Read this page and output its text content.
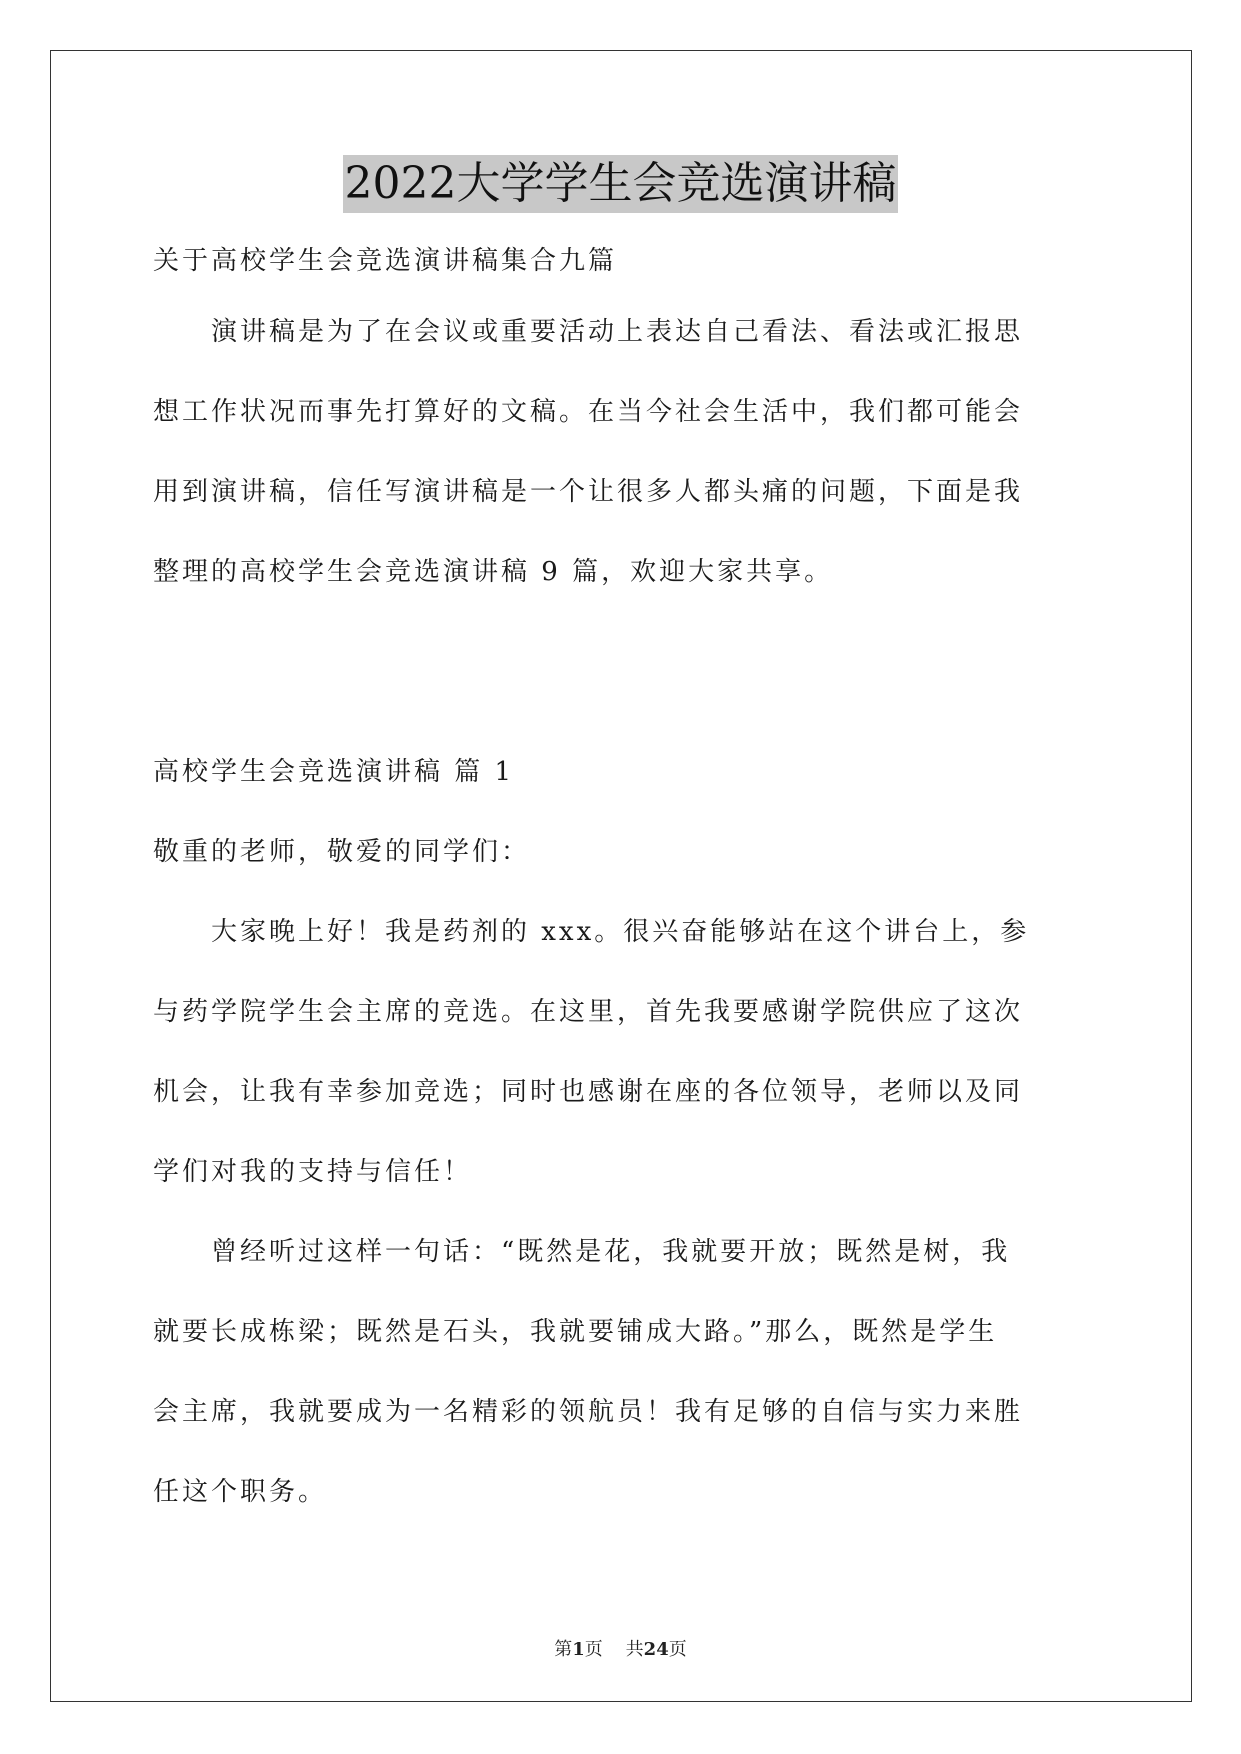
2022大学学生会竞选演讲稿
关于高校学生会竞选演讲稿集合九篇
　　演讲稿是为了在会议或重要活动上表达自己看法、看法或汇报思
想工作状况而事先打算好的文稿。在当今社会生活中，我们都可能会
用到演讲稿，信任写演讲稿是一个让很多人都头痛的问题，下面是我
整理的高校学生会竞选演讲稿 9 篇，欢迎大家共享。
高校学生会竞选演讲稿 篇 1
敬重的老师，敬爱的同学们：
　　大家晚上好！我是药剂的 xxx。很兴奋能够站在这个讲台上，参
与药学院学生会主席的竞选。在这里，首先我要感谢学院供应了这次
机会，让我有幸参加竞选；同时也感谢在座的各位领导，老师以及同
学们对我的支持与信任！
　　曾经听过这样一句话：“既然是花，我就要开放；既然是树，我
就要长成栋梁；既然是石头，我就要铺成大路。”那么，既然是学生
会主席，我就要成为一名精彩的领航员！我有足够的自信与实力来胜
任这个职务。
第1页 共24页
